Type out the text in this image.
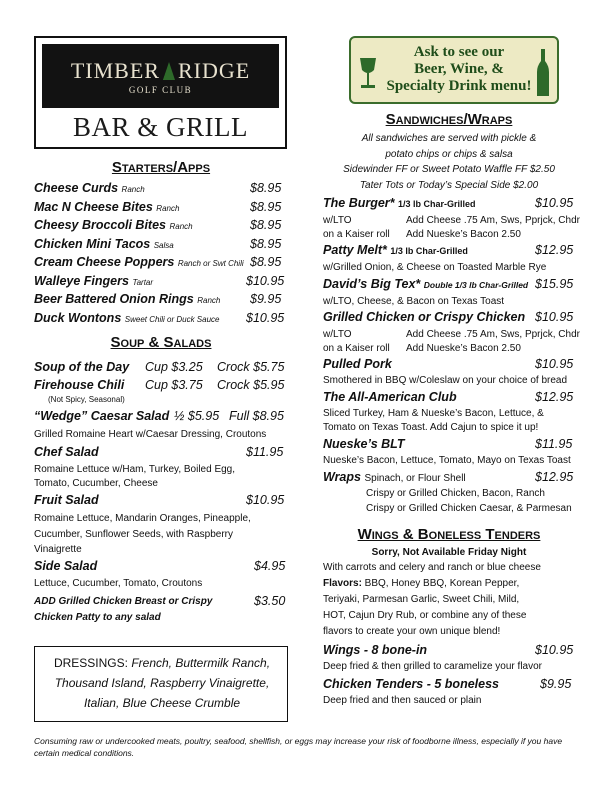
TIMBER RIDGE
GOLF CLUB
BAR & GRILL
Ask to see our
Beer, Wine, &
Specialty Drink menu!
Starters/Apps
Cheese Curds Ranch	$8.95
Mac N Cheese Bites Ranch	$8.95
Cheesy Broccoli Bites Ranch	$8.95
Chicken Mini Tacos Salsa	$8.95
Cream Cheese Poppers Ranch or Swt Chili $8.95
Walleye Fingers Tartar	$10.95
Beer Battered Onion Rings Ranch $9.95
Duck Wontons Sweet Chili or Duck Sauce $10.95
Soup & Salads
Soup of the Day Cup $3.25 Crock $5.75
Firehouse Chili Cup $3.75 Crock $5.95
(Not Spicy, Seasonal)
“Wedge” Caesar Salad ½ $5.95 Full $8.95
Grilled Romaine Heart w/Caesar Dressing, Croutons
Chef Salad	$11.95
Romaine Lettuce w/Ham, Turkey, Boiled Egg,
Tomato, Cucumber, Cheese
Fruit Salad	$10.95
Romaine Lettuce, Mandarin Oranges, Pineapple,
Cucumber, Sunflower Seeds, with Raspberry
Vinaigrette
Side Salad	$4.95
Lettuce, Cucumber, Tomato, Croutons
ADD Grilled Chicken Breast or Crispy	$3.50
Chicken Patty to any salad
DRESSINGS: French, Buttermilk Ranch,
Thousand Island, Raspberry Vinaigrette,
Italian, Blue Cheese Crumble
Sandwiches/Wraps
All sandwiches are served with pickle &
potato chips or chips & salsa
Sidewinder FF or Sweet Potato Waffle FF $2.50
Tater Tots or Today’s Special Side $2.00
The Burger* 1/3 lb Char-Grilled	$10.95
w/LTO	Add Cheese .75 Am, Sws, Pprjck, Chdr
on a Kaiser roll Add Nueske’s Bacon 2.50
Patty Melt* 1/3 lb Char-Grilled	$12.95
w/Grilled Onion, & Cheese on Toasted Marble Rye
David’s Big Tex* Double 1/3 lb Char-Grilled $15.95
w/LTO, Cheese, & Bacon on Texas Toast
Grilled Chicken or Crispy Chicken $10.95
w/LTO	Add Cheese .75 Am, Sws, Pprjck, Chdr
on a Kaiser roll Add Nueske’s Bacon 2.50
Pulled Pork	$10.95
Smothered in BBQ w/Coleslaw on your choice of bread
The All-American Club	$12.95
Sliced Turkey, Ham & Nueske’s Bacon, Lettuce, &
Tomato on Texas Toast. Add Cajun to spice it up!
Nueske’s BLT	$11.95
Nueske’s Bacon, Lettuce, Tomato, Mayo on Texas Toast
Wraps Spinach, or Flour Shell	$12.95
Crispy or Grilled Chicken, Bacon, Ranch
Crispy or Grilled Chicken Caesar, & Parmesan
Wings & Boneless Tenders
Sorry, Not Available Friday Night
With carrots and celery and ranch or blue cheese
Flavors: BBQ, Honey BBQ, Korean Pepper,
Teriyaki, Parmesan Garlic, Sweet Chili, Mild,
HOT, Cajun Dry Rub, or combine any of these
flavors to create your own unique blend!
Wings - 8 bone-in	$10.95
Deep fried & then grilled to caramelize your flavor
Chicken Tenders - 5 boneless	$9.95
Deep fried and then sauced or plain
Consuming raw or undercooked meats, poultry, seafood, shellfish, or eggs may increase your risk of foodborne illness, especially if you have certain medical conditions.
